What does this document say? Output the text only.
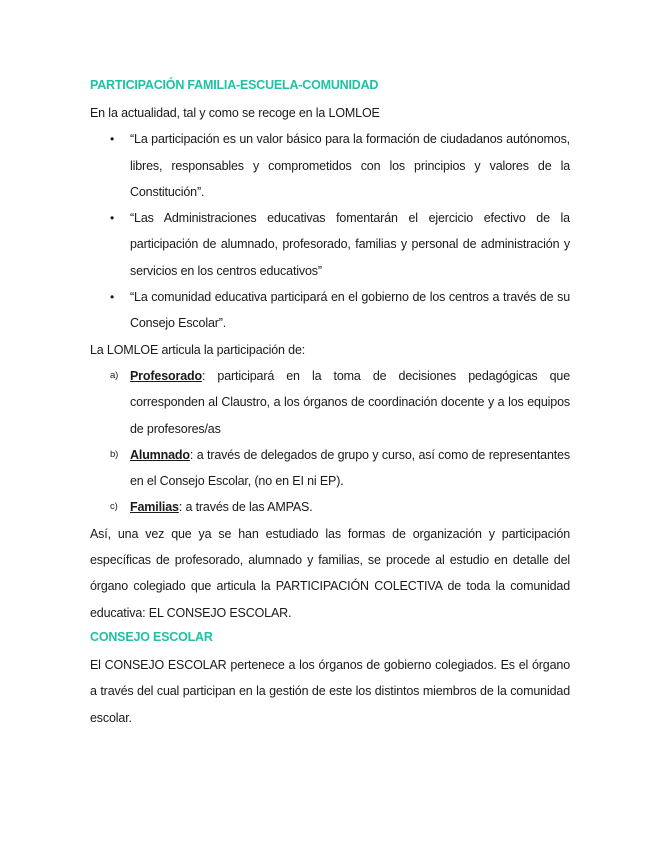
PARTICIPACIÓN FAMILIA-ESCUELA-COMUNIDAD

En la actualidad, tal y como se recoge en la LOMLOE

• “La participación es un valor básico para la formación de ciudadanos autónomos, libres, responsables y comprometidos con los principios y valores de la Constitución”.
• “Las Administraciones educativas fomentarán el ejercicio efectivo de la participación de alumnado, profesorado, familias y personal de administración y servicios en los centros educativos”
• “La comunidad educativa participará en el gobierno de los centros a través de su Consejo Escolar”.

La LOMLOE articula la participación de:

a) Profesorado: participará en la toma de decisiones pedagógicas que corresponden al Claustro, a los órganos de coordinación docente y a los equipos de profesores/as
b) Alumnado: a través de delegados de grupo y curso, así como de representantes en el Consejo Escolar, (no en EI ni EP).
c) Familias: a través de las AMPAS.

Así, una vez que ya se han estudiado las formas de organización y participación específicas de profesorado, alumnado y familias, se procede al estudio en detalle del órgano colegiado que articula la PARTICIPACIÓN COLECTIVA de toda la comunidad educativa: EL CONSEJO ESCOLAR.

CONSEJO ESCOLAR

El CONSEJO ESCOLAR pertenece a los órganos de gobierno colegiados. Es el órgano a través del cual participan en la gestión de este los distintos miembros de la comunidad escolar.
